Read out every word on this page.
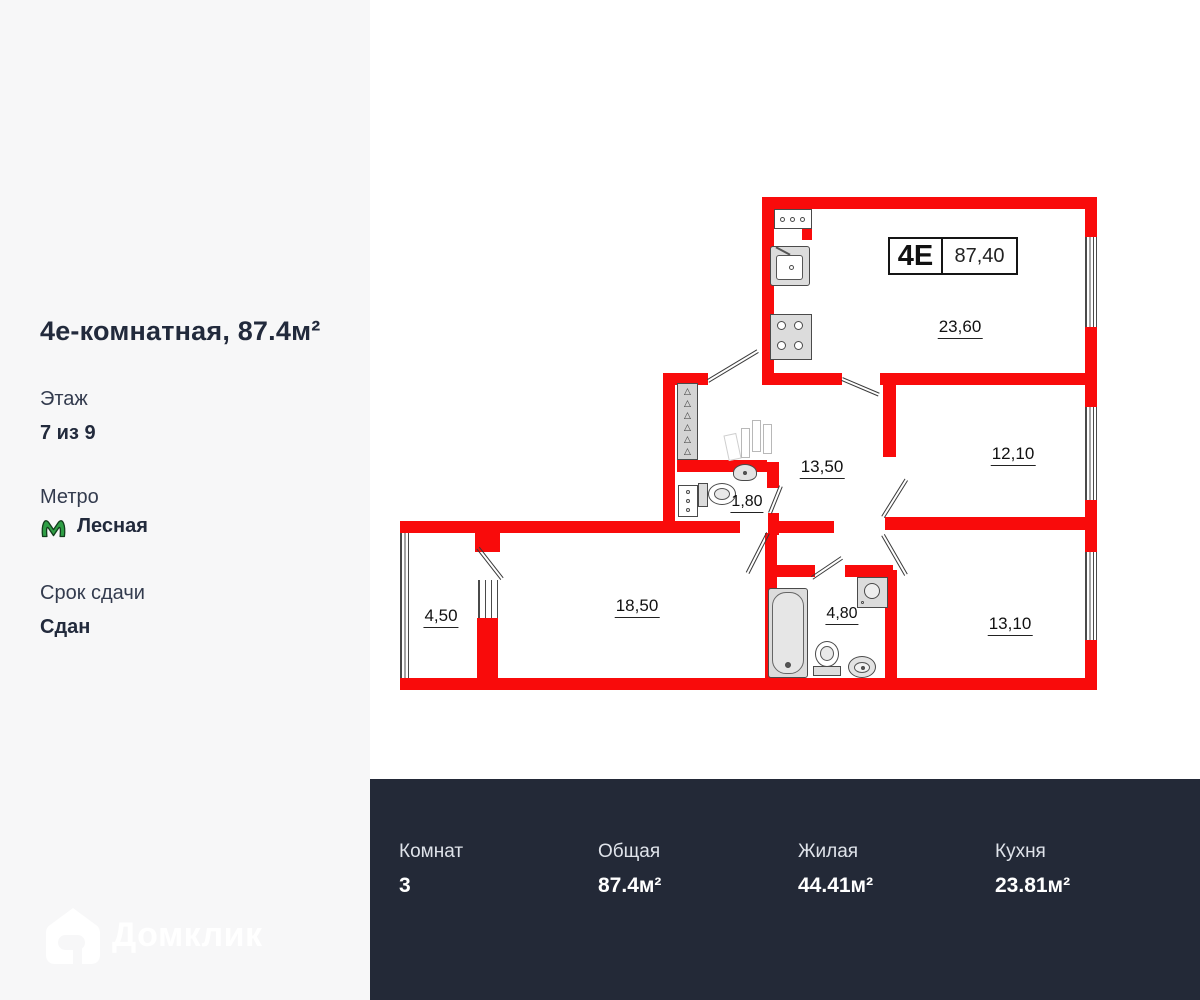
4е-комнатная, 87.4м²
Этаж
7 из 9
Метро
Лесная
Срок сдачи
Сдан
Домклик
△
△
△
△
△
△
4Е	87,40
23,60
12,10
13,50
1,80
4,50
18,50	4,80
13,10
Комнат
3
Общая
87.4м²
Жилая
44.41м²
Кухня
23.81м²
